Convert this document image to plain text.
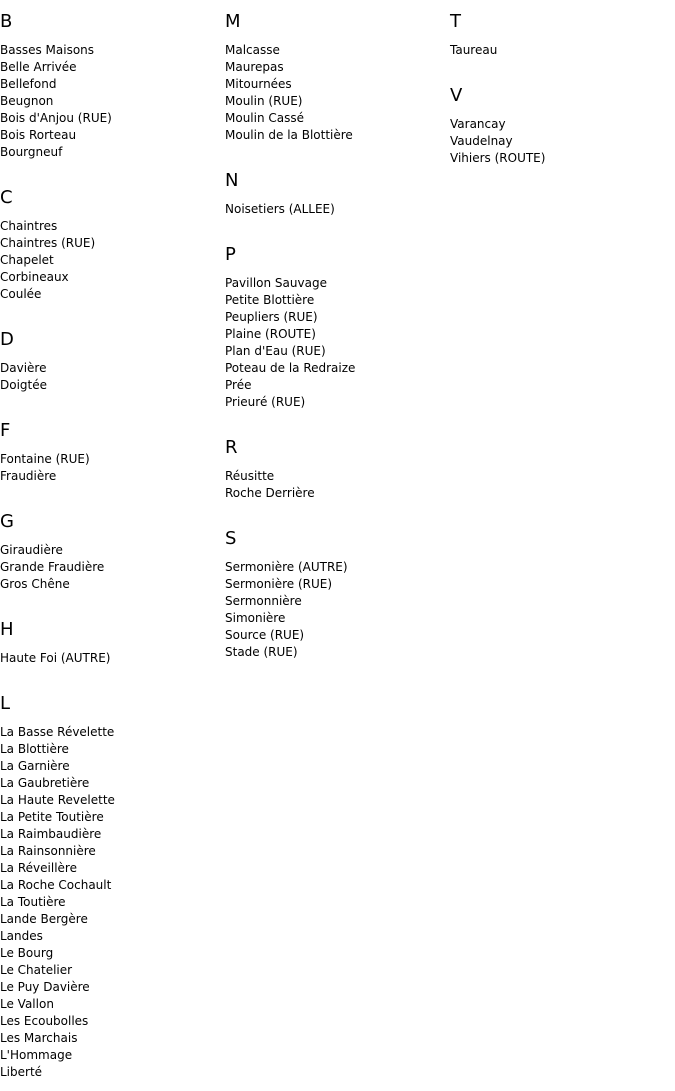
B
Basses Maisons
Belle Arrivée
Bellefond
Beugnon
Bois d'Anjou (RUE)
Bois Rorteau
Bourgneuf
C
Chaintres
Chaintres (RUE)
Chapelet
Corbineaux
Coulée
D
Davière
Doigtée
F
Fontaine (RUE)
Fraudière
G
Giraudière
Grande Fraudière
Gros Chêne
H
Haute Foi (AUTRE)
L
La Basse Révelette
La Blottière
La Garnière
La Gaubretière
La Haute Revelette
La Petite Toutière
La Raimbaudière
La Rainsonnière
La Réveillère
La Roche Cochault
La Toutière
Lande Bergère
Landes
Le Bourg
Le Chatelier
Le Puy Davière
Le Vallon
Les Ecoubolles
Les Marchais
L'Hommage
Liberté
M
Malcasse
Maurepas
Mitournées
Moulin (RUE)
Moulin Cassé
Moulin de la Blottière
N
Noisetiers (ALLEE)
P
Pavillon Sauvage
Petite Blottière
Peupliers (RUE)
Plaine (ROUTE)
Plan d'Eau (RUE)
Poteau de la Redraize
Prée
Prieuré (RUE)
R
Réusitte
Roche Derrière
S
Sermonière (AUTRE)
Sermonière (RUE)
Sermonnière
Simonière
Source (RUE)
Stade (RUE)
T
Taureau
V
Varancay
Vaudelnay
Vihiers (ROUTE)
